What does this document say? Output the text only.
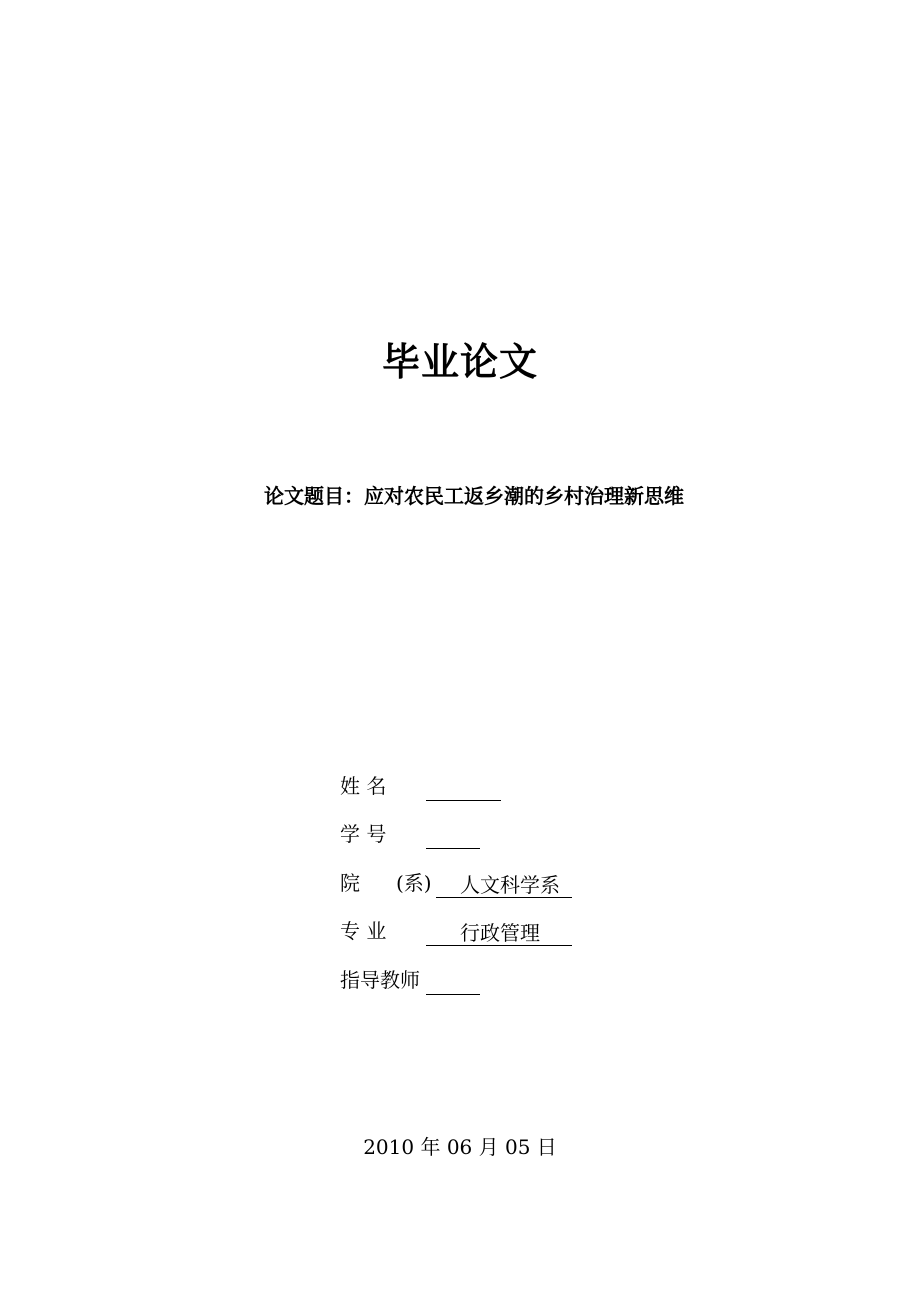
毕业论文
论文题目：应对农民工返乡潮的乡村治理新思维
姓 名
学 号
院	(系)	人文科学系
专 业	行政管理
指导教师
2010 年 06 月 05 日
